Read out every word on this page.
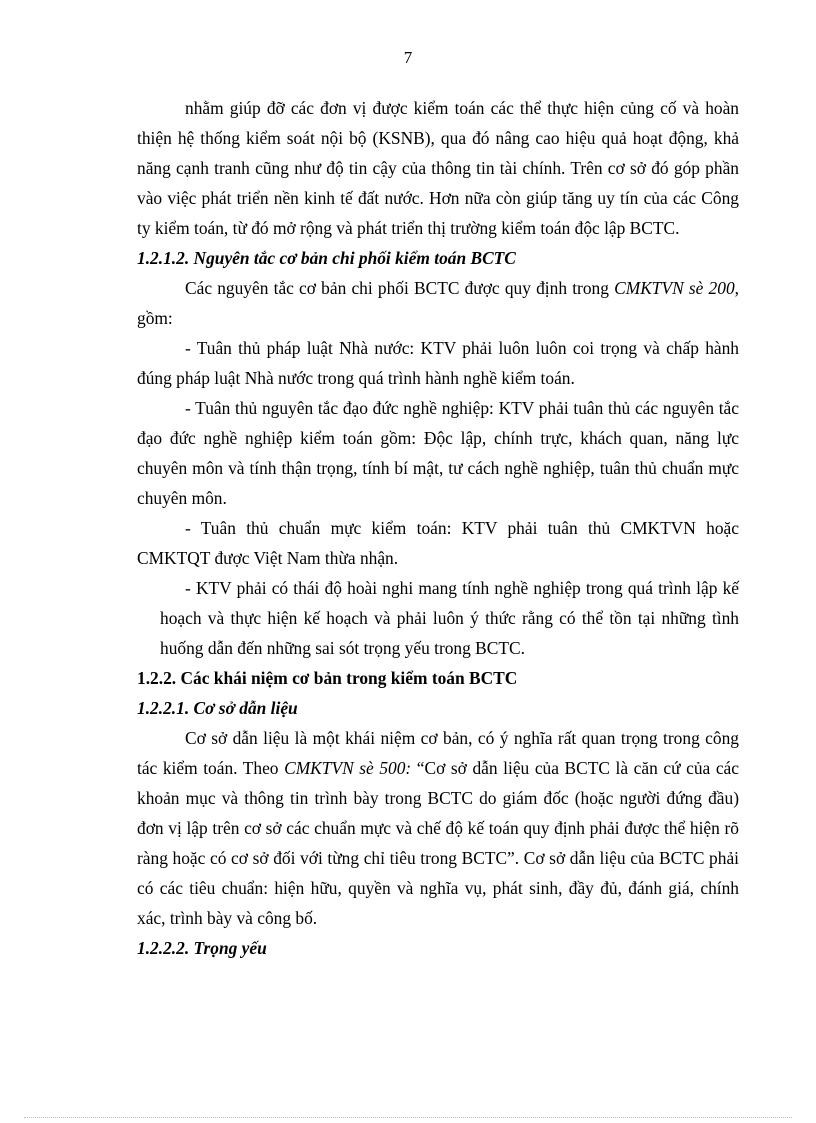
7

nhằm giúp đỡ các đơn vị được kiểm toán các thể thực hiện củng cố và hoàn thiện hệ thống kiểm soát nội bộ (KSNB), qua đó nâng cao hiệu quả hoạt động, khả năng cạnh tranh cũng như độ tin cậy của thông tin tài chính. Trên cơ sở đó góp phần vào việc phát triển nền kinh tế đất nước. Hơn nữa còn giúp tăng uy tín của các Công ty kiểm toán, từ đó mở rộng và phát triển thị trường kiểm toán độc lập BCTC.

1.2.1.2. Nguyên tắc cơ bản chi phối kiểm toán BCTC

Các nguyên tắc cơ bản chi phối BCTC được quy định trong CMKTVN sè 200, gồm:

- Tuân thủ pháp luật Nhà nước: KTV phải luôn luôn coi trọng và chấp hành đúng pháp luật Nhà nước trong quá trình hành nghề kiểm toán.

- Tuân thủ nguyên tắc đạo đức nghề nghiệp: KTV phải tuân thủ các nguyên tắc đạo đức nghề nghiệp kiểm toán gồm: Độc lập, chính trực, khách quan, năng lực chuyên môn và tính thận trọng, tính bí mật, tư cách nghề nghiệp, tuân thủ chuẩn mực chuyên môn.

- Tuân thủ chuẩn mực kiểm toán: KTV phải tuân thủ CMKTVN hoặc CMKTQT được Việt Nam thừa nhận.

- KTV phải có thái độ hoài nghi mang tính nghề nghiệp trong quá trình lập kế hoạch và thực hiện kế hoạch và phải luôn ý thức rằng có thể tồn tại những tình huống dẫn đến những sai sót trọng yếu trong BCTC.

1.2.2. Các khái niệm cơ bản trong kiểm toán BCTC

1.2.2.1. Cơ sở dẫn liệu

Cơ sở dẫn liệu là một khái niệm cơ bản, có ý nghĩa rất quan trọng trong công tác kiểm toán. Theo CMKTVN sè 500: “Cơ sở dẫn liệu của BCTC là căn cứ của các khoản mục và thông tin trình bày trong BCTC do giám đốc (hoặc người đứng đầu) đơn vị lập trên cơ sở các chuẩn mực và chế độ kế toán quy định phải được thể hiện rõ ràng hoặc có cơ sở đối với từng chỉ tiêu trong BCTC”. Cơ sở dẫn liệu của BCTC phải có các tiêu chuẩn: hiện hữu, quyền và nghĩa vụ, phát sinh, đầy đủ, đánh giá, chính xác, trình bày và công bố.

1.2.2.2. Trọng yếu
